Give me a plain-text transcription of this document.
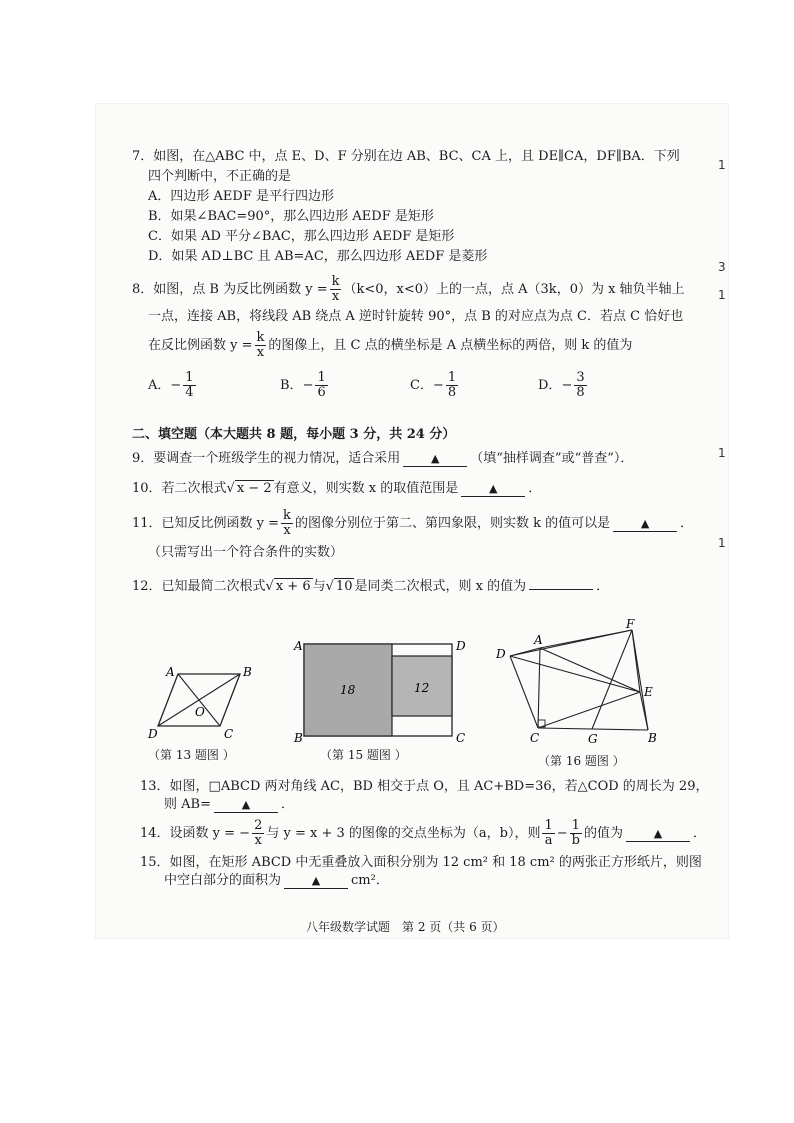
7．如图，在△ABC 中，点 E、D、F 分别在边 AB、BC、CA 上，且 DE∥CA，DF∥BA．下列
四个判断中，不正确的是
A．四边形 AEDF 是平行四边形
B．如果∠BAC=90°，那么四边形 AEDF 是矩形
C．如果 AD 平分∠BAC，那么四边形 AEDF 是矩形
D．如果 AD⊥BC 且 AB=AC，那么四边形 AEDF 是菱形
8．如图，点 B 为反比例函数 $y = \frac{k}{x} (k<0$，x<0）上的一点，点 A（3k，0）为 x 轴负半轴上
一点，连接 AB，将线段 AB 绕点 A 逆时针旋转 90°，点 B 的对应点为点 C．若点 C 恰好也
在反比例函数 $y = \frac{k}{x}$ 的图像上，且 C 点的横坐标是 A 点横坐标的两倍，则 k 的值为
A．− $\frac{1}{4}$	B．− $\frac{1}{6}$	C．− $\frac{1}{8}$	D．− $\frac{3}{8}$
二、填空题（本大题共 8 题，每小题 3 分，共 24 分）
9．要调查一个班级学生的视力情况，适合采用	▲ （填“抽样调查”或“普查”）．
10．若二次根式√ x − 2 有意义，则实数 x 的取值范围是	▲ ．
11．已知反比例函数 $y = \frac{k}{x}$ 的图像分别位于第二、第四象限，则实数 k 的值可以是	▲ ．
（只需写出一个符合条件的实数）
12．已知最简二次根式√ x + 6 与√ 10 是同类二次根式，则 x 的值为	．
A	B
C
D
O
（第 13 题图 ）
A	D
B	C
18	12
（第 15 题图 ）
D
A
F
E
C	G	B
（第 16 题图 ）
13．如图，□ABCD 两对角线 AC，BD 相交于点 O，且 AC+BD=36，若△COD 的周长为 29，
则 AB=	▲ ．
14．设函数 y = − $\frac{2}{x}$ 与 y = x + 3 的图像的交点坐标为（a，b），则 $\frac{1}{a} - \frac{1}{b}$ 的值为	▲ ．
15．如图，在矩形 ABCD 中无重叠放入面积分别为 12 cm² 和 18 cm² 的两张正方形纸片，则图
中空白部分的面积为	▲ cm²．
八年级数学试题　第 2 页（共 6 页）
1
3
1
1
1
